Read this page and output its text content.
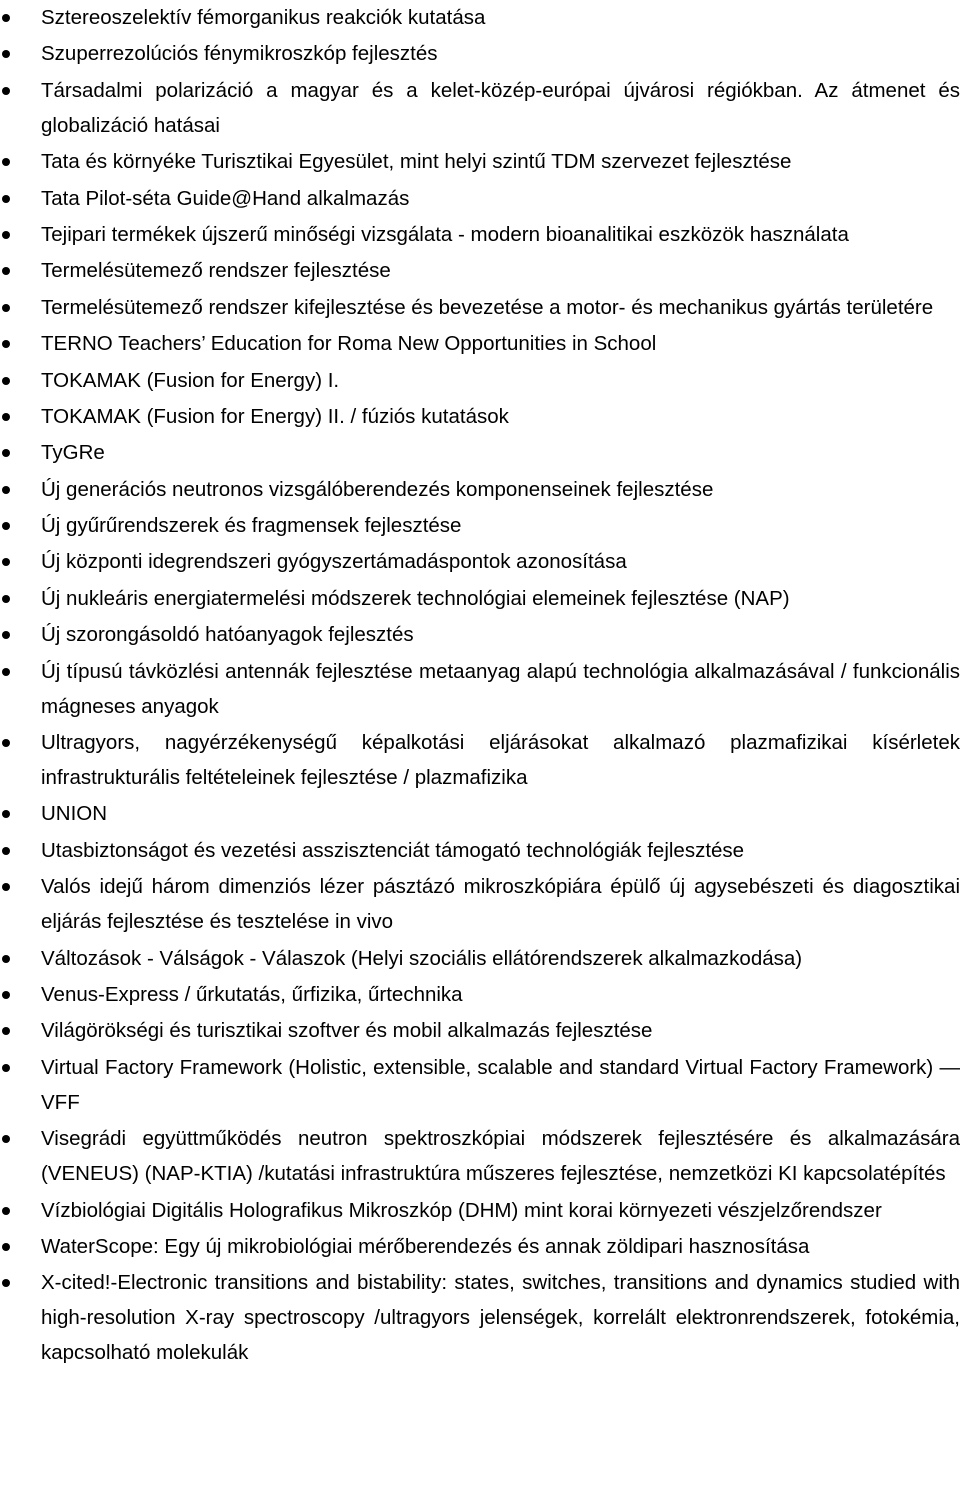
Sztereoszelektív fémorganikus reakciók kutatása
Szuperrezolúciós fénymikroszkóp fejlesztés
Társadalmi polarizáció a magyar és a kelet-közép-európai újvárosi régiókban. Az átmenet és globalizáció hatásai
Tata és környéke Turisztikai Egyesület, mint helyi szintű TDM szervezet fejlesztése
Tata Pilot-séta Guide@Hand alkalmazás
Tejipari termékek újszerű minőségi vizsgálata - modern bioanalitikai eszközök használata
Termelésütemező rendszer fejlesztése
Termelésütemező rendszer kifejlesztése és bevezetése a motor- és mechanikus gyártás területére
TERNO Teachers’ Education for Roma New Opportunities in School
TOKAMAK (Fusion for Energy) I.
TOKAMAK (Fusion for Energy) II. / fúziós kutatások
TyGRe
Új generációs neutronos vizsgálóberendezés komponenseinek fejlesztése
Új gyűrűrendszerek és fragmensek fejlesztése
Új központi idegrendszeri gyógyszertámadáspontok azonosítása
Új nukleáris energiatermelési módszerek technológiai elemeinek fejlesztése (NAP)
Új szorongásoldó hatóanyagok fejlesztés
Új típusú távközlési antennák fejlesztése metaanyag alapú technológia alkalmazásával / funkcionális mágneses anyagok
Ultragyors, nagyérzékenységű képalkotási eljárásokat alkalmazó plazmafizikai kísérletek infrastrukturális feltételeinek fejlesztése / plazmafizika
UNION
Utasbiztonságot és vezetési asszisztenciát támogató technológiák fejlesztése
Valós idejű három dimenziós lézer pásztázó mikroszkópiára épülő új agysebészeti és diagosztikai eljárás fejlesztése és tesztelése in vivo
Változások - Válságok - Válaszok (Helyi szociális ellátórendszerek alkalmazkodása)
Venus-Express / űrkutatás, űrfizika, űrtechnika
Világörökségi és turisztikai szoftver és mobil alkalmazás fejlesztése
Virtual Factory Framework (Holistic, extensible, scalable and standard Virtual Factory Framework) — VFF
Visegrádi együttműködés neutron spektroszkópiai módszerek fejlesztésére és alkalmazására (VENEUS) (NAP-KTIA) /kutatási infrastruktúra műszeres fejlesztése, nemzetközi KI kapcsolatépítés
Vízbiológiai Digitális Holografikus Mikroszkóp (DHM) mint korai környezeti vészjelzőrendszer
WaterScope: Egy új mikrobiológiai mérőberendezés és annak zöldipari hasznosítása
X-cited!-Electronic transitions and bistability: states, switches, transitions and dynamics studied with high-resolution X-ray spectroscopy /ultragyors jelenségek, korrelált elektronrendszerek, fotokémia, kapcsolható molekulák
